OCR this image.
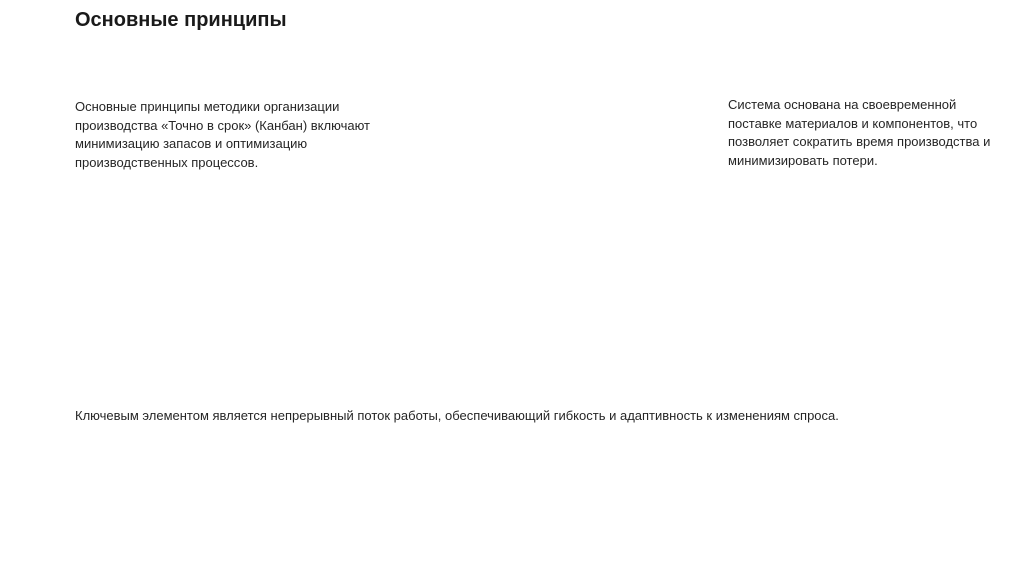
Основные принципы

Основные принципы методики организации производства «Точно в срок» (Канбан) включают минимизацию запасов и оптимизацию производственных процессов.

Система основана на своевременной поставке материалов и компонентов, что позволяет сократить время производства и минимизировать потери.

Ключевым элементом является непрерывный поток работы, обеспечивающий гибкость и адаптивность к изменениям спроса.
